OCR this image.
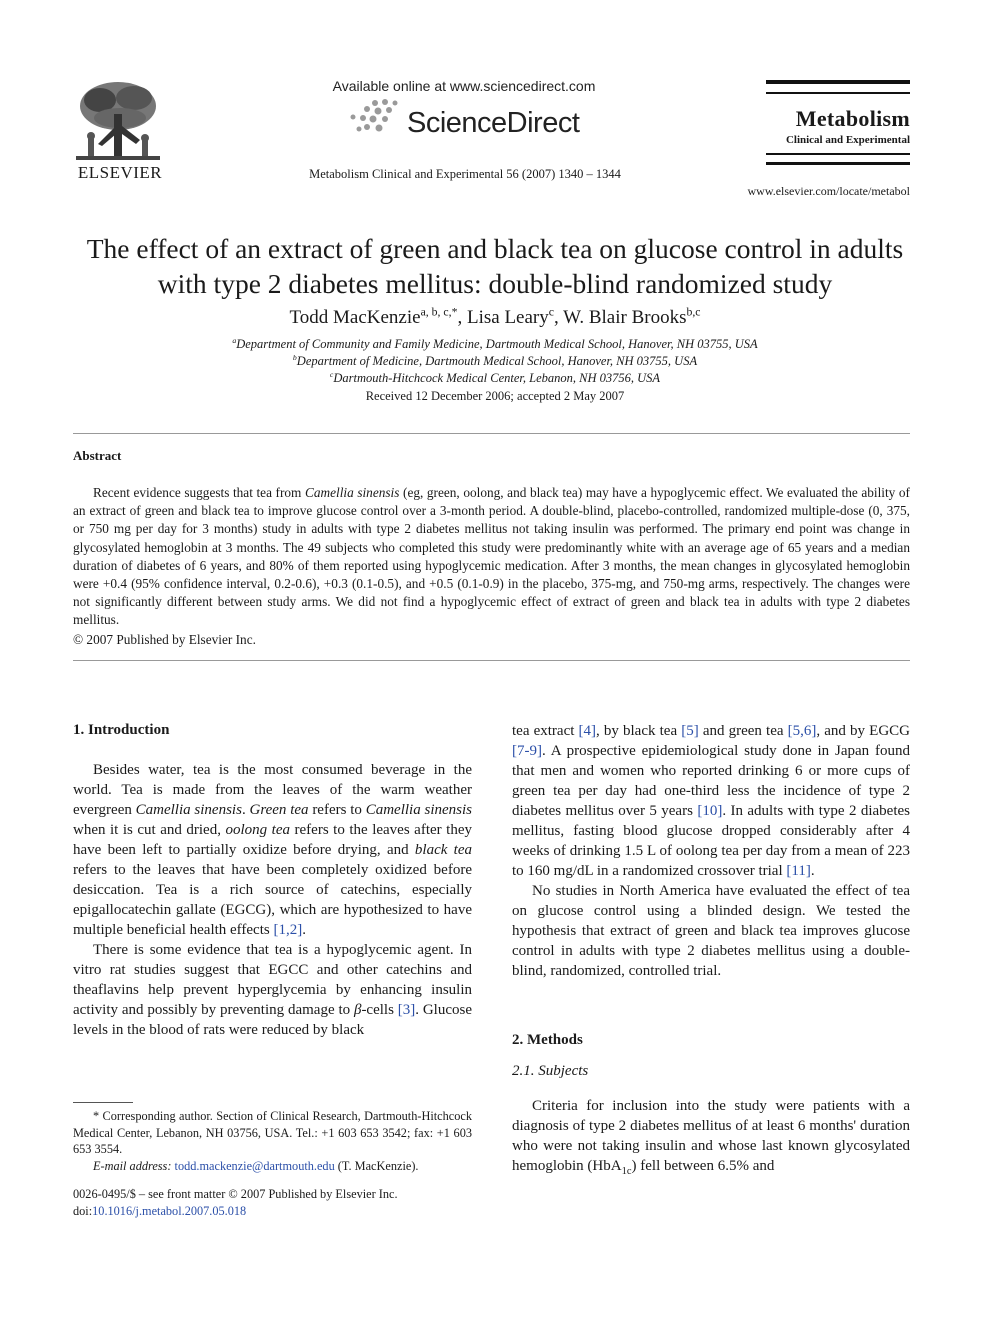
ELSEVIER
Available online at www.sciencedirect.com
ScienceDirect
Metabolism Clinical and Experimental 56 (2007) 1340 – 1344
Metabolism
Clinical and Experimental
www.elsevier.com/locate/metabol
The effect of an extract of green and black tea on glucose control in adults
with type 2 diabetes mellitus: double-blind randomized study
Todd MacKenzie$^{a, b, c,*}$, Lisa Leary$^c$, W. Blair Brooks$^{b,c}$
$^a$Department of Community and Family Medicine, Dartmouth Medical School, Hanover, NH 03755, USA
$^b$Department of Medicine, Dartmouth Medical School, Hanover, NH 03755, USA
$^c$Dartmouth-Hitchcock Medical Center, Lebanon, NH 03756, USA
Received 12 December 2006; accepted 2 May 2007
Abstract
Recent evidence suggests that tea from Camellia sinensis (eg, green, oolong, and black tea) may have a hypoglycemic effect. We evaluated the ability of an extract of green and black tea to improve glucose control over a 3-month period. A double-blind, placebo-controlled, randomized multiple-dose (0, 375, or 750 mg per day for 3 months) study in adults with type 2 diabetes mellitus not taking insulin was performed. The primary end point was change in glycosylated hemoglobin at 3 months. The 49 subjects who completed this study were predominantly white with an average age of 65 years and a median duration of diabetes of 6 years, and 80% of them reported using hypoglycemic medication. After 3 months, the mean changes in glycosylated hemoglobin were +0.4 (95% confidence interval, 0.2-0.6), +0.3 (0.1-0.5), and +0.5 (0.1-0.9) in the placebo, 375-mg, and 750-mg arms, respectively. The changes were not significantly different between study arms. We did not find a hypoglycemic effect of extract of green and black tea in adults with type 2 diabetes mellitus.
© 2007 Published by Elsevier Inc.
1. Introduction

Besides water, tea is the most consumed beverage in the world. Tea is made from the leaves of the warm weather evergreen Camellia sinensis. Green tea refers to Camellia sinensis when it is cut and dried, oolong tea refers to the leaves after they have been left to partially oxidize before drying, and black tea refers to the leaves that have been completely oxidized before desiccation. Tea is a rich source of catechins, especially epigallocatechin gallate (EGCG), which are hypothesized to have multiple beneficial health effects [1,2].

There is some evidence that tea is a hypoglycemic agent. In vitro rat studies suggest that EGCC and other catechins and theaflavins help prevent hyperglycemia by enhancing insulin activity and possibly by preventing damage to β-cells [3]. Glucose levels in the blood of rats were reduced by black

tea extract [4], by black tea [5] and green tea [5,6], and by EGCG [7-9]. A prospective epidemiological study done in Japan found that men and women who reported drinking 6 or more cups of green tea per day had one-third less the incidence of type 2 diabetes mellitus over 5 years [10]. In adults with type 2 diabetes mellitus, fasting blood glucose dropped considerably after 4 weeks of drinking 1.5 L of oolong tea per day from a mean of 223 to 160 mg/dL in a randomized crossover trial [11].

No studies in North America have evaluated the effect of tea on glucose control using a blinded design. We tested the hypothesis that extract of green and black tea improves glucose control in adults with type 2 diabetes mellitus using a double-blind, randomized, controlled trial.

2. Methods
2.1. Subjects

Criteria for inclusion into the study were patients with a diagnosis of type 2 diabetes mellitus of at least 6 months' duration who were not taking insulin and whose last known glycosylated hemoglobin (HbA$_{1c}$) fell between 6.5% and

* Corresponding author. Section of Clinical Research, Dartmouth-Hitchcock Medical Center, Lebanon, NH 03756, USA. Tel.: +1 603 653 3542; fax: +1 603 653 3554.

E-mail address: todd.mackenzie@dartmouth.edu (T. MacKenzie).

0026-0495/$ – see front matter © 2007 Published by Elsevier Inc.
doi:10.1016/j.metabol.2007.05.018
